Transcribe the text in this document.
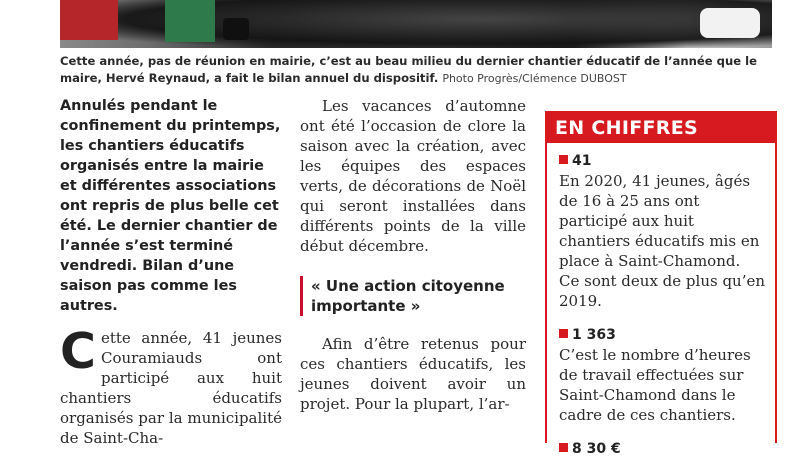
Cette année, pas de réunion en mairie, c’est au beau milieu du dernier chantier éducatif de l’année que le maire, Hervé Reynaud, a fait le bilan annuel du dispositif. Photo Progrès/Clémence DUBOST

Annulés pendant le confinement du printemps, les chantiers éducatifs organisés entre la mairie et différentes associations ont repris de plus belle cet été. Le dernier chantier de l’année s’est terminé vendredi. Bilan d’une saison pas comme les autres.

C ette année, 41 jeunes Couramiauds ont participé aux huit chantiers éducatifs organisés par la municipalité de Saint-Cha-

Les vacances d’automne ont été l’occasion de clore la saison avec la création, avec les équipes des espaces verts, de décorations de Noël qui seront installées dans différents points de la ville début décembre.

« Une action citoyenne importante »

Afin d’être retenus pour ces chantiers éducatifs, les jeunes doivent avoir un projet. Pour la plupart, l’ar-

EN CHIFFRES
41

En 2020, 41 jeunes, âgés de 16 à 25 ans ont participé aux huit chantiers éducatifs mis en place à Saint-Chamond. Ce sont deux de plus qu’en 2019.

1 363

C’est le nombre d’heures de travail effectuées sur Saint-Chamond dans le cadre de ces chantiers.

8 30 €
